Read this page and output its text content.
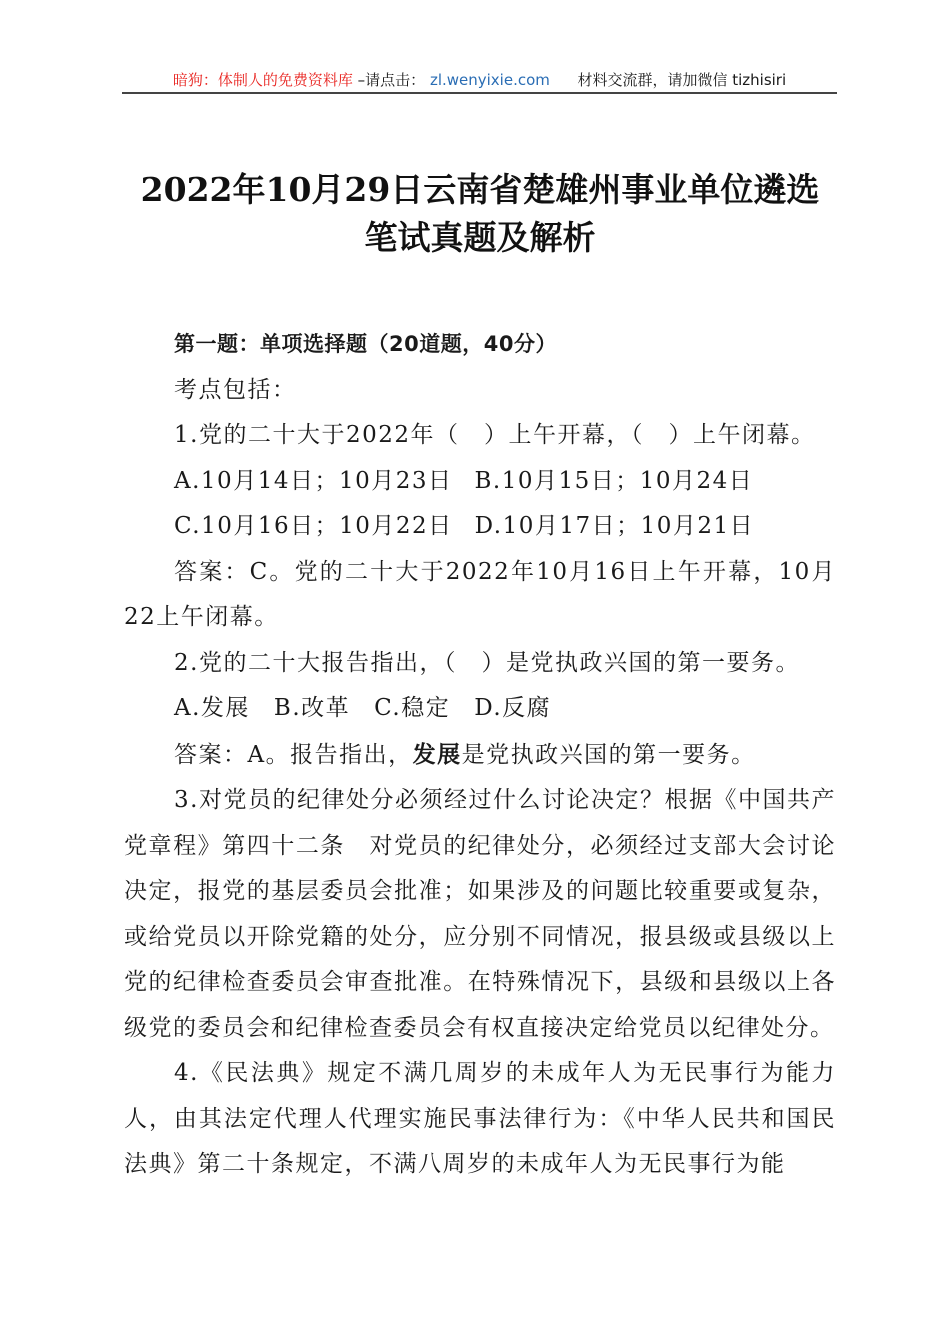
暗狗：体制人的免费资料库 –请点击： zl.wenyixie.com 材料交流群，请加微信 tizhisiri
2022年10月29日云南省楚雄州事业单位遴选
笔试真题及解析

第一题：单项选择题（20道题，40分）

考点包括：

1.党的二十大于2022年（　）上午开幕，（　）上午闭幕。

A.10月14日；10月23日 B.10月15日；10月24日

C.10月16日；10月22日 D.10月17日；10月21日

答案：C。党的二十大于2022年10月16日上午开幕，10月22上午闭幕。

2.党的二十大报告指出，（　）是党执政兴国的第一要务。

A.发展 B.改革 C.稳定 D.反腐

答案：A。报告指出，发展是党执政兴国的第一要务。

3.对党员的纪律处分必须经过什么讨论决定？根据《中国共产党章程》第四十二条　对党员的纪律处分，必须经过支部大会讨论决定，报党的基层委员会批准；如果涉及的问题比较重要或复杂，或给党员以开除党籍的处分，应分别不同情况，报县级或县级以上党的纪律检查委员会审查批准。在特殊情况下，县级和县级以上各级党的委员会和纪律检查委员会有权直接决定给党员以纪律处分。

4.《民法典》规定不满几周岁的未成年人为无民事行为能力人，由其法定代理人代理实施民事法律行为：《中华人民共和国民法典》第二十条规定，不满八周岁的未成年人为无民事行为能
